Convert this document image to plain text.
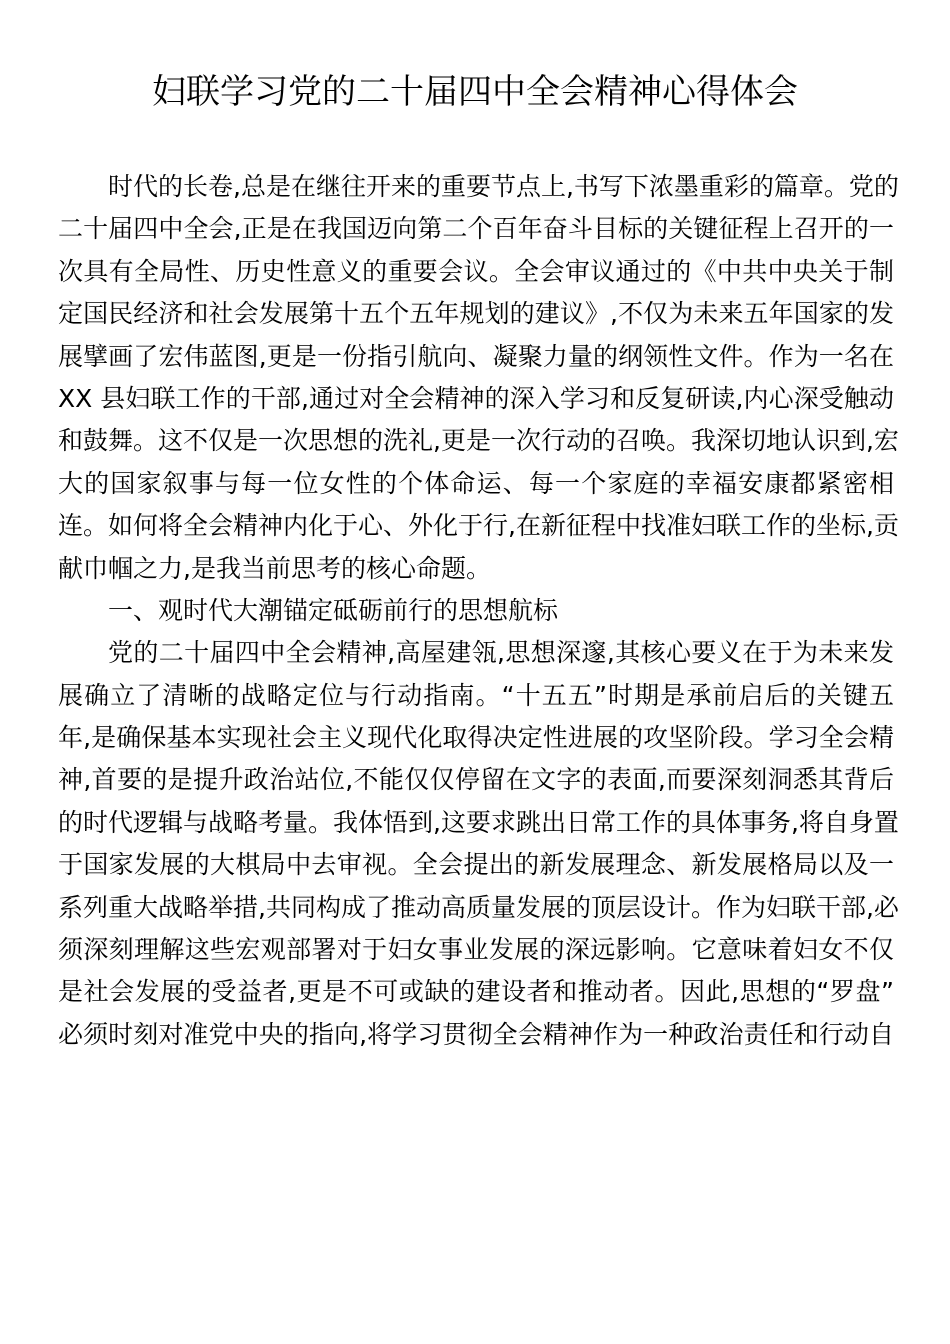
妇联学习党的二十届四中全会精神心得体会
时代的长卷,总是在继往开来的重要节点上,书写下浓墨重彩的篇章。党的
二十届四中全会,正是在我国迈向第二个百年奋斗目标的关键征程上召开的一
次具有全局性、历史性意义的重要会议。全会审议通过的《中共中央关于制
定国民经济和社会发展第十五个五年规划的建议》,不仅为未来五年国家的发
展擘画了宏伟蓝图,更是一份指引航向、凝聚力量的纲领性文件。作为一名在
XX 县妇联工作的干部,通过对全会精神的深入学习和反复研读,内心深受触动
和鼓舞。这不仅是一次思想的洗礼,更是一次行动的召唤。我深切地认识到,宏
大的国家叙事与每一位女性的个体命运、每一个家庭的幸福安康都紧密相
连。如何将全会精神内化于心、外化于行,在新征程中找准妇联工作的坐标,贡
献巾帼之力,是我当前思考的核心命题。
一、观时代大潮锚定砥砺前行的思想航标
党的二十届四中全会精神,高屋建瓴,思想深邃,其核心要义在于为未来发
展确立了清晰的战略定位与行动指南。“十五五”时期是承前启后的关键五
年,是确保基本实现社会主义现代化取得决定性进展的攻坚阶段。学习全会精
神,首要的是提升政治站位,不能仅仅停留在文字的表面,而要深刻洞悉其背后
的时代逻辑与战略考量。我体悟到,这要求跳出日常工作的具体事务,将自身置
于国家发展的大棋局中去审视。全会提出的新发展理念、新发展格局以及一
系列重大战略举措,共同构成了推动高质量发展的顶层设计。作为妇联干部,必
须深刻理解这些宏观部署对于妇女事业发展的深远影响。它意味着妇女不仅
是社会发展的受益者,更是不可或缺的建设者和推动者。因此,思想的“罗盘”
必须时刻对准党中央的指向,将学习贯彻全会精神作为一种政治责任和行动自
